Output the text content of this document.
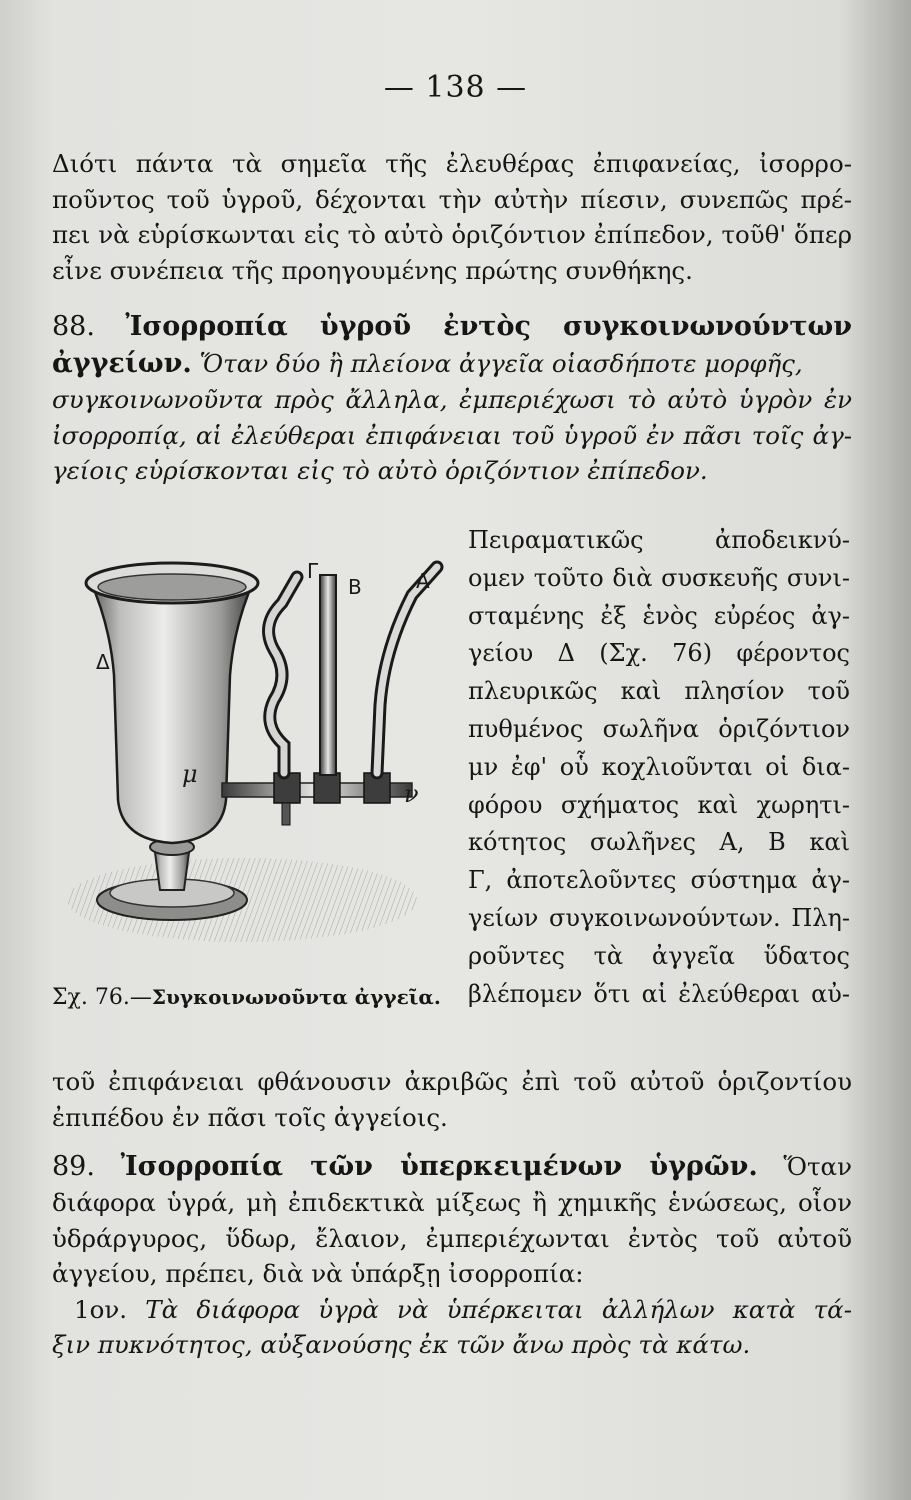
— 138 —
Διότι πάντα τὰ σημεῖα τῆς ἐλευθέρας ἐπιφανείας, ἰσορρο-
ποῦντος τοῦ ὑγροῦ, δέχονται τὴν αὐτὴν πίεσιν, συνεπῶς πρέ-
πει νὰ εὑρίσκωνται εἰς τὸ αὐτὸ ὁριζόντιον ἐπίπεδον, τοῦθ' ὅπερ
εἶνε συνέπεια τῆς προηγουμένης πρώτης συνθήκης.
88. Ἰσορροπία ὑγροῦ ἐντὸς συγκοινωνούντων
ἀγγείων. Ὅταν δύο ἢ πλείονα ἀγγεῖα οἱασδήποτε μορφῆς,
συγκοινωνοῦντα πρὸς ἄλληλα, ἐμπεριέχωσι τὸ αὐτὸ ὑγρὸν ἐν
ἰσορροπίᾳ, αἱ ἐλεύθεραι ἐπιφάνειαι τοῦ ὑγροῦ ἐν πᾶσι τοῖς ἀγ-
γείοις εὑρίσκονται εἰς τὸ αὐτὸ ὁριζόντιον ἐπίπεδον.
Πειραματικῶς ἀποδεικνύ-
ομεν τοῦτο διὰ συσκευῆς συνι-
σταμένης ἐξ ἑνὸς εὐρέος ἀγ-
γείου Δ (Σχ. 76) φέροντος
πλευρικῶς καὶ πλησίον τοῦ
πυθμένος σωλῆνα ὁριζόντιον
μν ἐφ' οὗ κοχλιοῦνται οἱ δια-
φόρου σχήματος καὶ χωρητι-
κότητος σωλῆνες Α, Β καὶ
Γ, ἀποτελοῦντες σύστημα ἀγ-
γείων συγκοινωνούντων. Πλη-
ροῦντες τὰ ἀγγεῖα ὕδατος
βλέπομεν ὅτι αἱ ἐλεύθεραι αὐ-
Δ
Γ
Β	Α
μ
ν
Σχ. 76.—Συγκοινωνοῦντα ἀγγεῖα.
τοῦ ἐπιφάνειαι φθάνουσιν ἀκριβῶς ἐπὶ τοῦ αὐτοῦ ὁριζοντίου
ἐπιπέδου ἐν πᾶσι τοῖς ἀγγείοις.
89. Ἰσορροπία τῶν ὑπερκειμένων ὑγρῶν. Ὅταν
διάφορα ὑγρά, μὴ ἐπιδεκτικὰ μίξεως ἢ χημικῆς ἑνώσεως, οἷον
ὑδράργυρος, ὕδωρ, ἔλαιον, ἐμπεριέχωνται ἐντὸς τοῦ αὐτοῦ
ἀγγείου, πρέπει, διὰ νὰ ὑπάρξῃ ἰσορροπία:
1ον. Τὰ διάφορα ὑγρὰ νὰ ὑπέρκειται ἀλλήλων κατὰ τά-
ξιν πυκνότητος, αὐξανούσης ἐκ τῶν ἄνω πρὸς τὰ κάτω.
